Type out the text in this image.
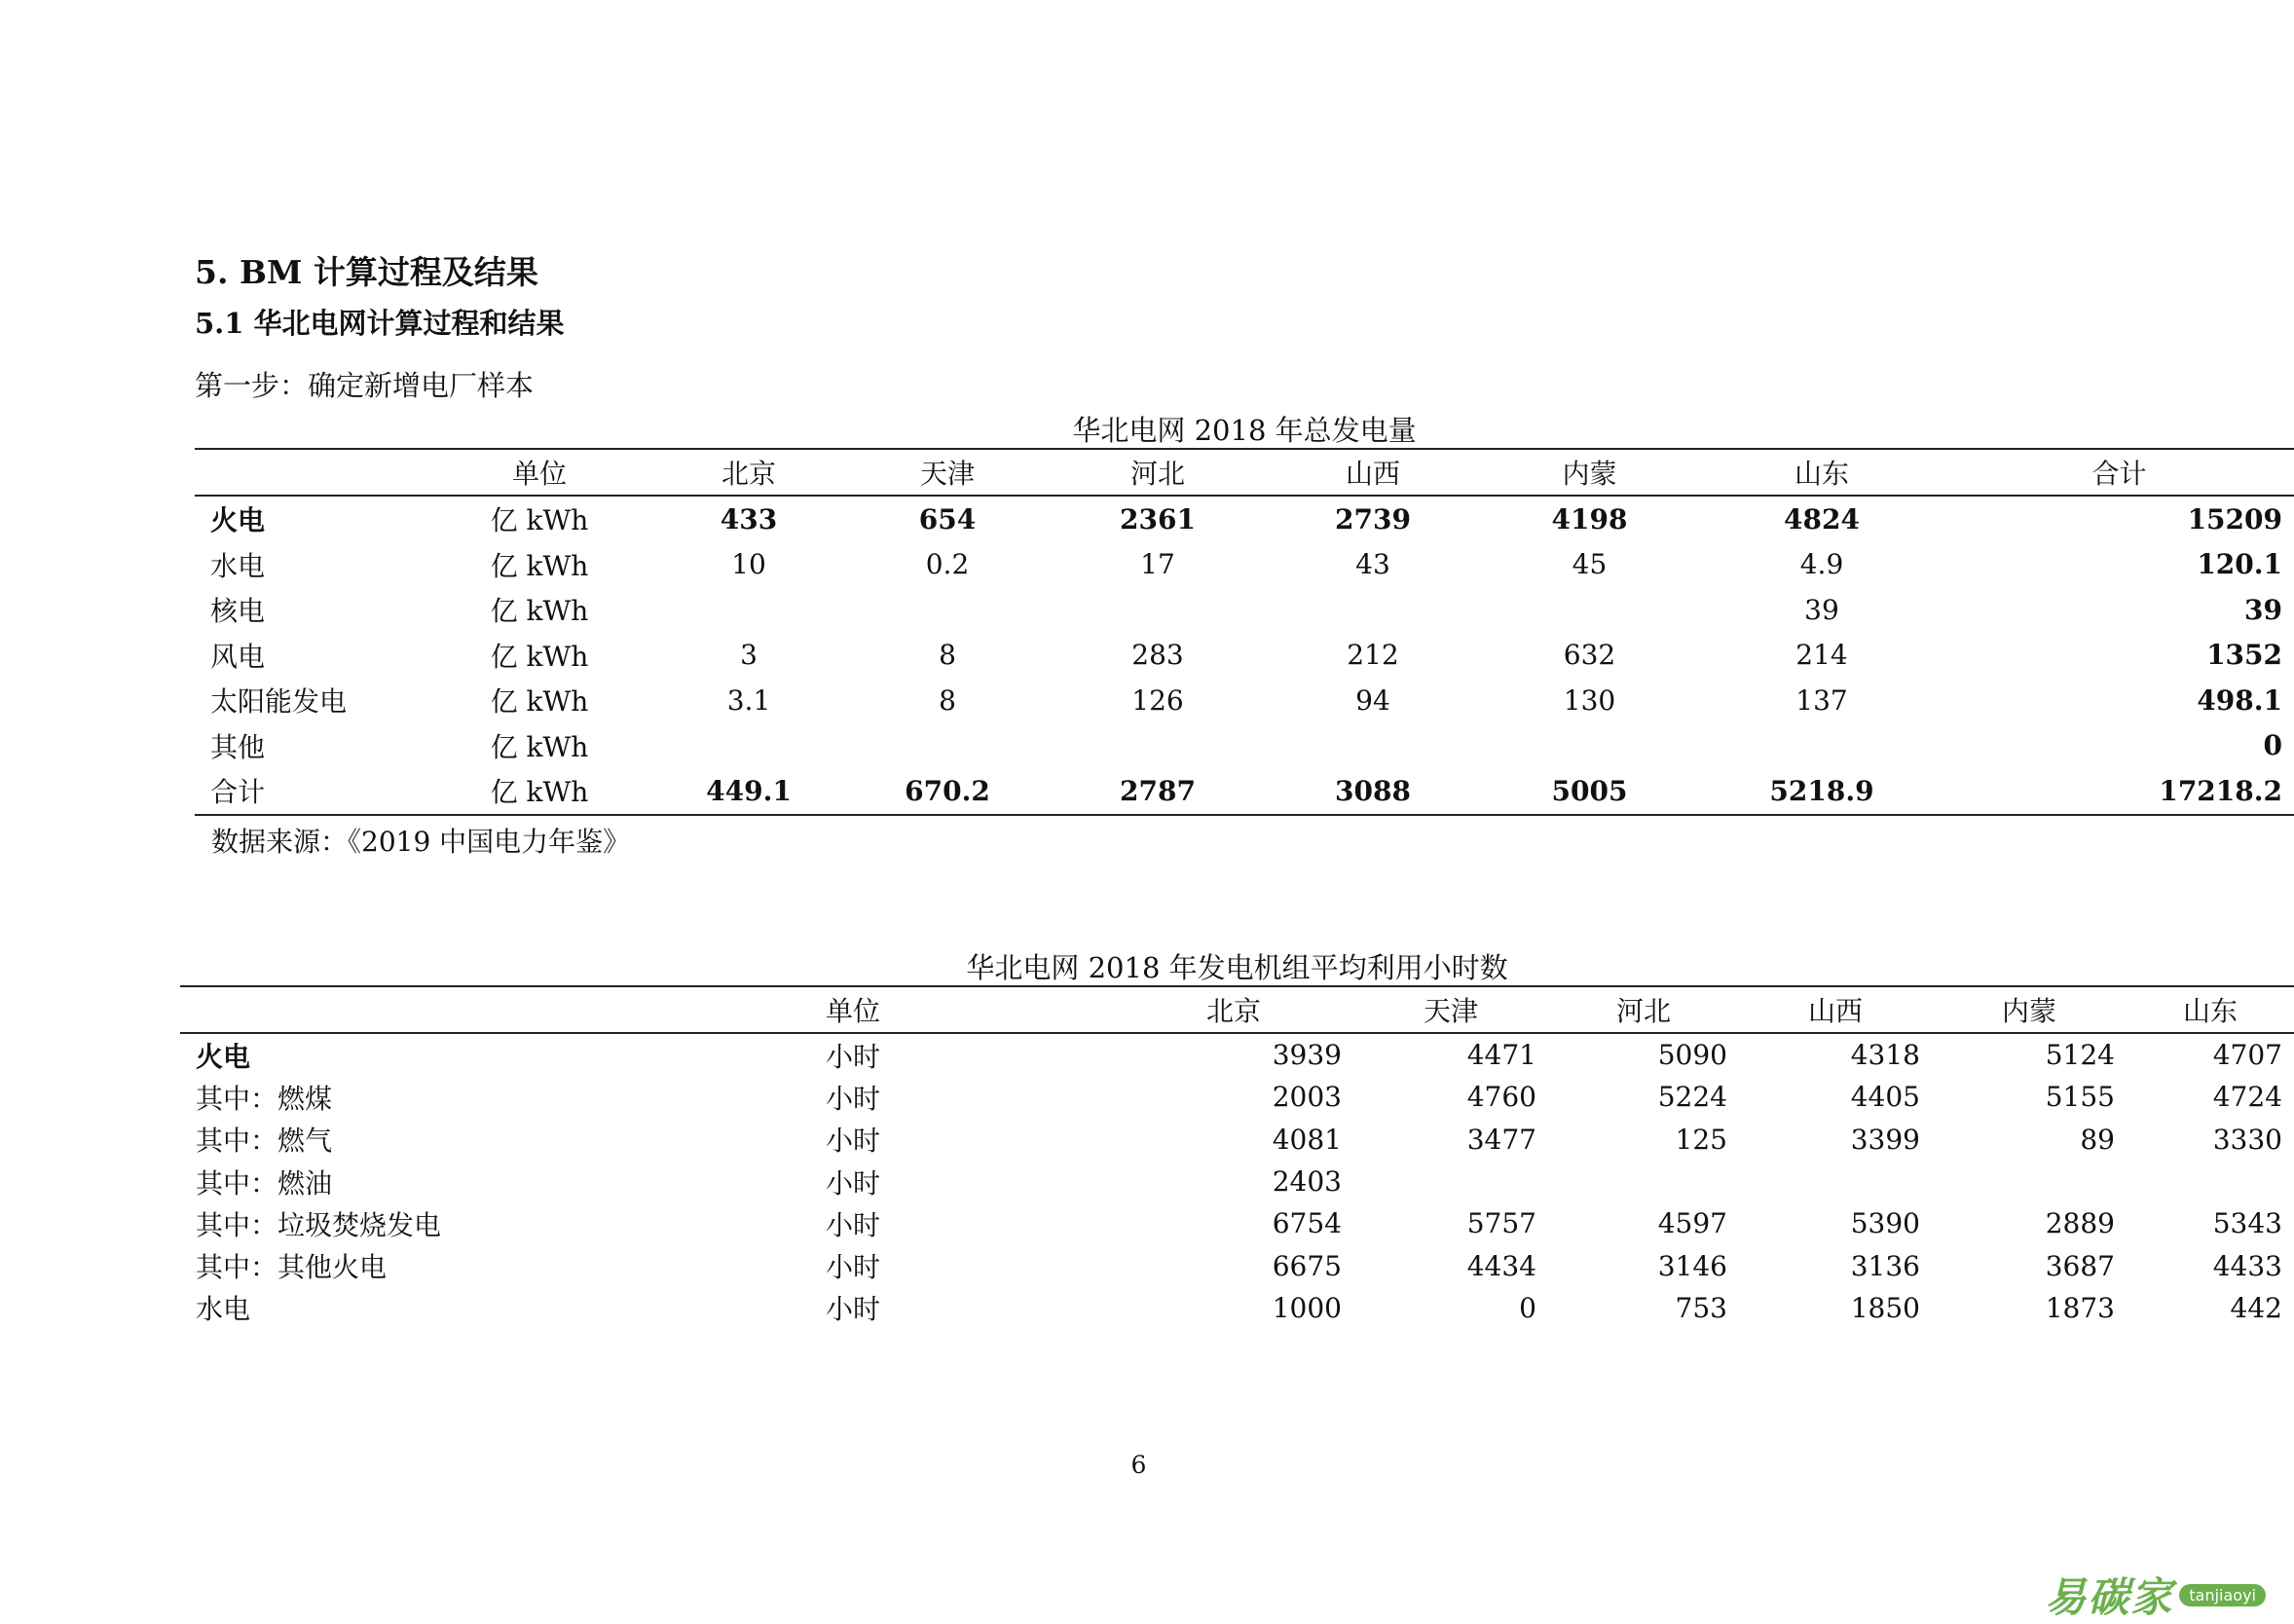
5. BM 计算过程及结果
5.1 华北电网计算过程和结果
第一步：确定新增电厂样本
华北电网 2018 年总发电量
	单位	北京	天津	河北	山西	内蒙	山东	合计
火电	亿 kWh	433	654	2361	2739	4198	4824	15209
水电	亿 kWh	10	0.2	17	43	45	4.9	120.1
核电	亿 kWh						39	39
风电	亿 kWh	3	8	283	212	632	214	1352
太阳能发电	亿 kWh	3.1	8	126	94	130	137	498.1
其他	亿 kWh							0
合计	亿 kWh	449.1	670.2	2787	3088	5005	5218.9	17218.2
数据来源：《2019 中国电力年鉴》
华北电网 2018 年发电机组平均利用小时数
	单位	北京	天津	河北	山西	内蒙	山东
火电	小时	3939	4471	5090	4318	5124	4707
其中：燃煤	小时	2003	4760	5224	4405	5155	4724
其中：燃气	小时	4081	3477	125	3399	89	3330
其中：燃油	小时	2403					
其中：垃圾焚烧发电	小时	6754	5757	4597	5390	2889	5343
其中：其他火电	小时	6675	4434	3146	3136	3687	4433
水电	小时	1000	0	753	1850	1873	442
6
易碳家	tanjiaoyi
